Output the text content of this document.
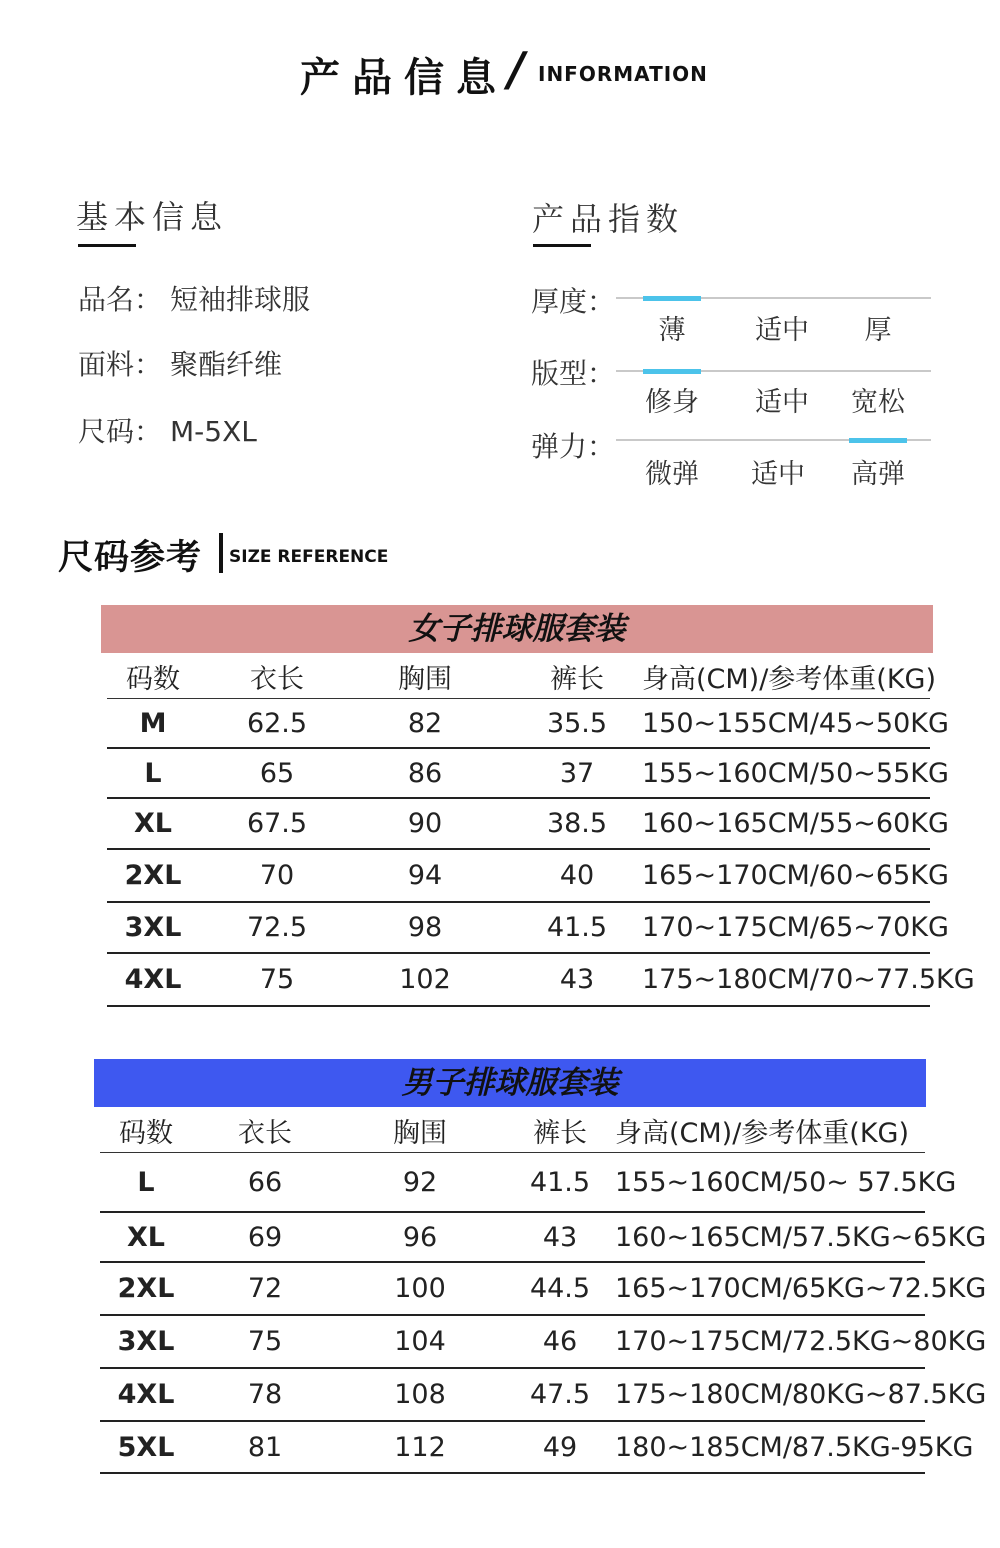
产品信息 / INFORMATION
基本信息
品名： 短袖排球服
面料： 聚酯纤维
尺码： M-5XL
产品指数
厚度：
薄	适中	厚
版型：
修身	适中	宽松
弹力：
微弹	适中	高弹
尺码参考 SIZE REFERENCE
女子排球服套装
码数	衣长	胸围	裤长	身高(CM)/参考体重(KG)
M	62.5	82	35.5	150~155CM/45~50KG
L	65	86	37	155~160CM/50~55KG
XL	67.5	90	38.5	160~165CM/55~60KG
2XL	70	94	40	165~170CM/60~65KG
3XL	72.5	98	41.5	170~175CM/65~70KG
4XL	75	102	43	175~180CM/70~77.5KG
男子排球服套装
码数	衣长	胸围	裤长	身高(CM)/参考体重(KG)
L	66	92	41.5 155~160CM/50~ 57.5KG
XL	69	96	43	160~165CM/57.5KG~65KG
2XL	72	100	44.5 165~170CM/65KG~72.5KG
3XL	75	104	46	170~175CM/72.5KG~80KG
4XL	78	108	47.5 175~180CM/80KG~87.5KG
5XL	81	112	49	180~185CM/87.5KG-95KG
